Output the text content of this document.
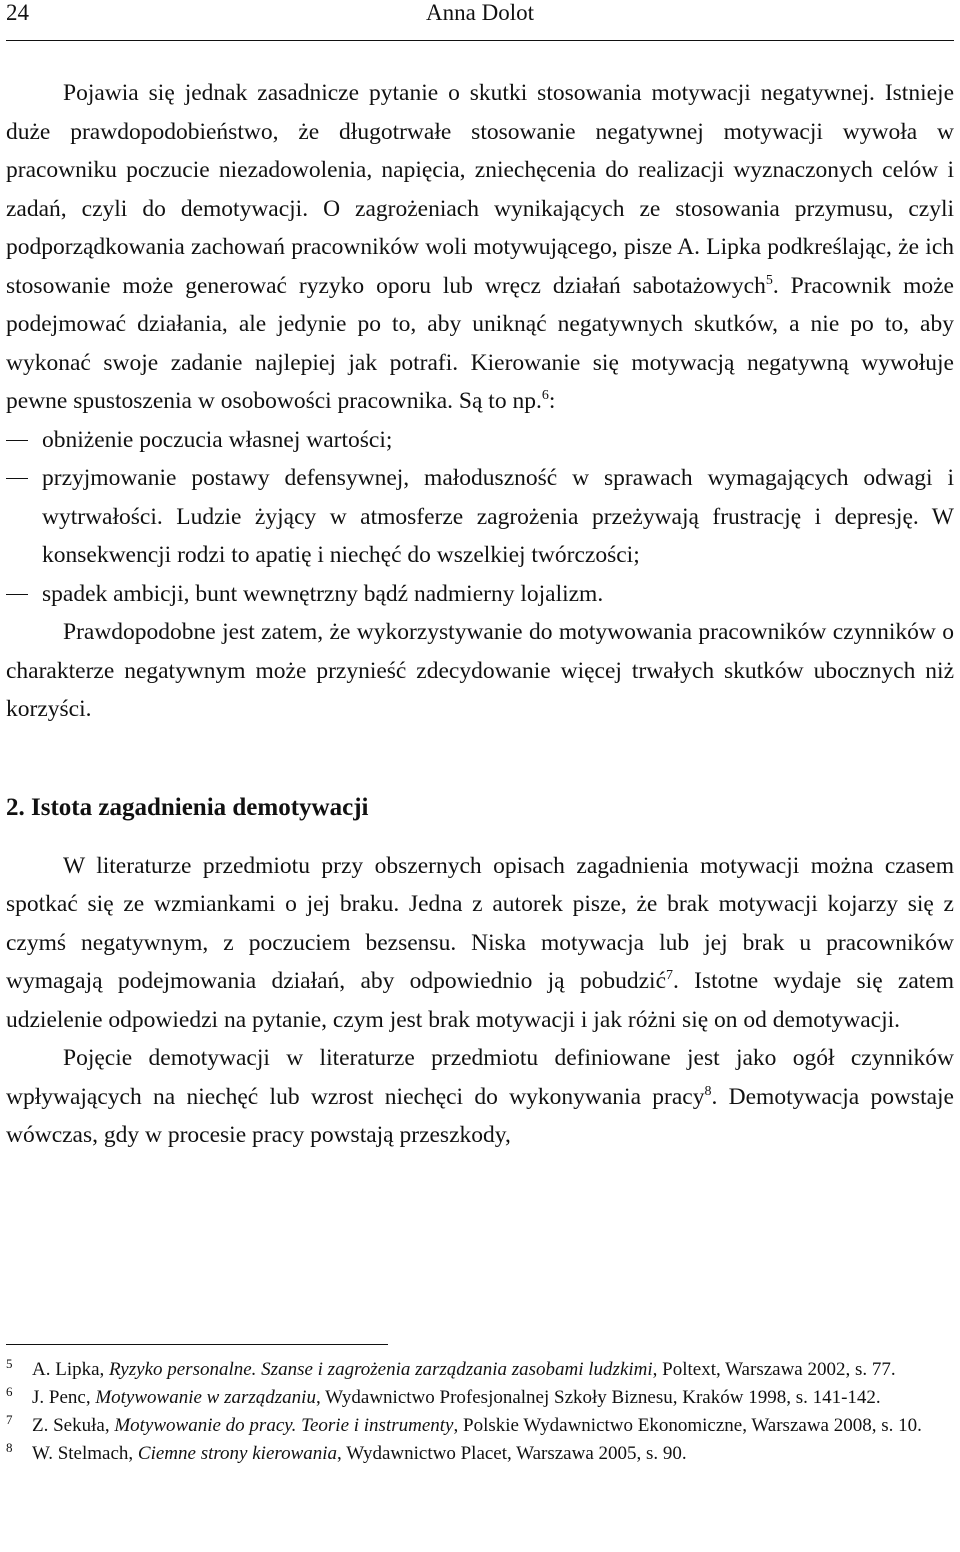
24	Anna Dolot

Pojawia się jednak zasadnicze pytanie o skutki stosowania motywacji negatywnej. Istnieje duże prawdopodobieństwo, że długotrwałe stosowanie negatywnej motywacji wywoła w pracowniku poczucie niezadowolenia, napięcia, zniechęcenia do realizacji wyznaczonych celów i zadań, czyli do demotywacji. O zagrożeniach wynikających ze stosowania przymusu, czyli podporządkowania zachowań pracowników woli motywującego, pisze A. Lipka podkreślając, że ich stosowanie może generować ryzyko oporu lub wręcz działań sabotażowych$^5$. Pracownik może podejmować działania, ale jedynie po to, aby uniknąć negatywnych skutków, a nie po to, aby wykonać swoje zadanie najlepiej jak potrafi. Kierowanie się motywacją negatywną wywołuje pewne spustoszenia w osobowości pracownika. Są to np.$^6$:

obniżenie poczucia własnej wartości;
przyjmowanie postawy defensywnej, małoduszność w sprawach wymagających odwagi i wytrwałości. Ludzie żyjący w atmosferze zagrożenia przeżywają frustrację i depresję. W konsekwencji rodzi to apatię i niechęć do wszelkiej twórczości;
spadek ambicji, bunt wewnętrzny bądź nadmierny lojalizm.

Prawdopodobne jest zatem, że wykorzystywanie do motywowania pracowników czynników o charakterze negatywnym może przynieść zdecydowanie więcej trwałych skutków ubocznych niż korzyści.

2. Istota zagadnienia demotywacji

W literaturze przedmiotu przy obszernych opisach zagadnienia motywacji można czasem spotkać się ze wzmiankami o jej braku. Jedna z autorek pisze, że brak motywacji kojarzy się z czymś negatywnym, z poczuciem bezsensu. Niska motywacja lub jej brak u pracowników wymagają podejmowania działań, aby odpowiednio ją pobudzić$^7$. Istotne wydaje się zatem udzielenie odpowiedzi na pytanie, czym jest brak motywacji i jak różni się on od demotywacji.

Pojęcie demotywacji w literaturze przedmiotu definiowane jest jako ogół czynników wpływających na niechęć lub wzrost niechęci do wykonywania pracy$^8$. Demotywacja powstaje wówczas, gdy w procesie pracy powstają przeszkody,

5 A. Lipka, Ryzyko personalne. Szanse i zagrożenia zarządzania zasobami ludzkimi, Poltext, Warszawa 2002, s. 77.
6 J. Penc, Motywowanie w zarządzaniu, Wydawnictwo Profesjonalnej Szkoły Biznesu, Kraków 1998, s. 141-142.
7 Z. Sekuła, Motywowanie do pracy. Teorie i instrumenty, Polskie Wydawnictwo Ekonomiczne, Warszawa 2008, s. 10.
8 W. Stelmach, Ciemne strony kierowania, Wydawnictwo Placet, Warszawa 2005, s. 90.
